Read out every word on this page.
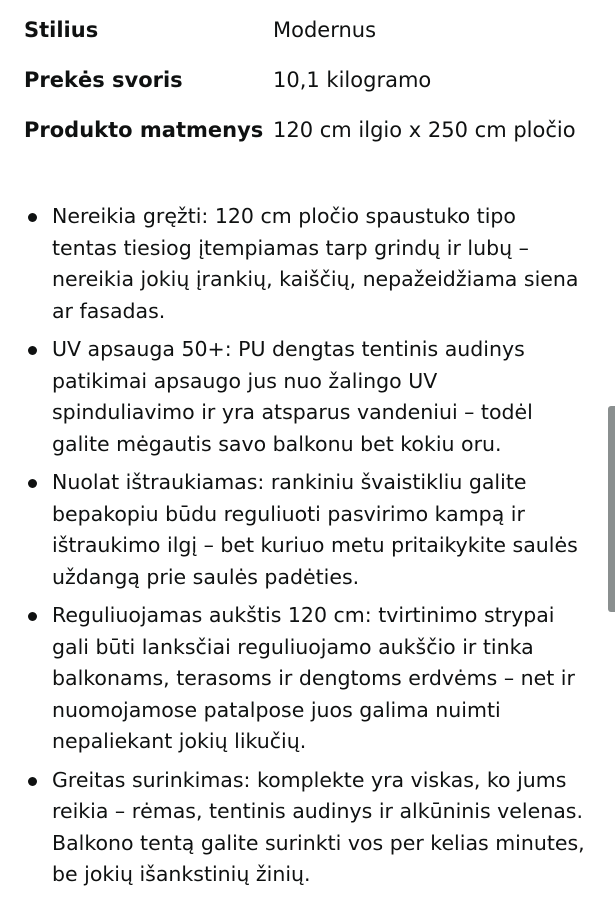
Stilius	Modernus
Prekės svoris	10,1 kilogramo
Produkto matmenys 120 cm ilgio x 250 cm pločio
Nereikia gręžti: 120 cm pločio spaustuko tipo tentas tiesiog įtempiamas tarp grindų ir lubų – nereikia jokių įrankių, kaiščių, nepažeidžiama siena ar fasadas.
UV apsauga 50+: PU dengtas tentinis audinys patikimai apsaugo jus nuo žalingo UV spinduliavimo ir yra atsparus vandeniui – todėl galite mėgautis savo balkonu bet kokiu oru.
Nuolat ištraukiamas: rankiniu švaistikliu galite bepakopiu būdu reguliuoti pasvirimo kampą ir ištraukimo ilgį – bet kuriuo metu pritaikykite saulės uždangą prie saulės padėties.
Reguliuojamas aukštis 120 cm: tvirtinimo strypai gali būti lanksčiai reguliuojamo aukščio ir tinka balkonams, terasoms ir dengtoms erdvėms – net ir nuomojamose patalpose juos galima nuimti nepaliekant jokių likučių.
Greitas surinkimas: komplekte yra viskas, ko jums reikia – rėmas, tentinis audinys ir alkūninis velenas. Balkono tentą galite surinkti vos per kelias minutes, be jokių išankstinių žinių.
